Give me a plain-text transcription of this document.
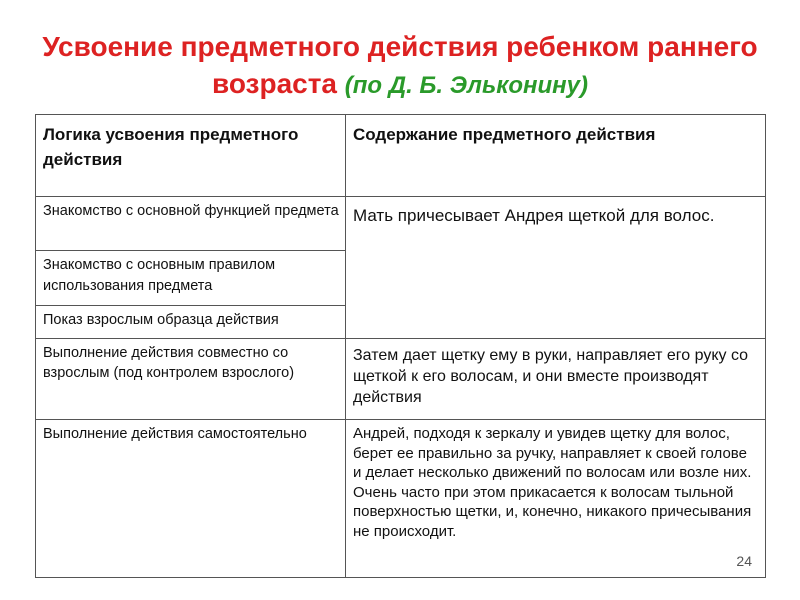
Усвоение предметного действия ребенком раннего возраста (по Д. Б. Эльконину)
Логика усвоения предметного действия	Содержание предметного действия
Знакомство с основной функцией предмета	Мать причесывает Андрея щеткой для волос.
Знакомство с основным правилом использования предмета	
Показ взрослым образца действия	
Выполнение действия совместно со взрослым (под контролем взрослого)	Затем дает щетку ему в руки, направляет его руку со щеткой к его волосам, и они вместе производят действия
Выполнение действия самостоятельно	Андрей, подходя к зеркалу и увидев щетку для волос, берет ее правильно за ручку, направляет к своей голове и делает несколько движений по волосам или возле них. Очень часто при этом прикасается к волосам тыльной поверхностью щетки, и, конечно, никакого причесывания не происходит.
24
